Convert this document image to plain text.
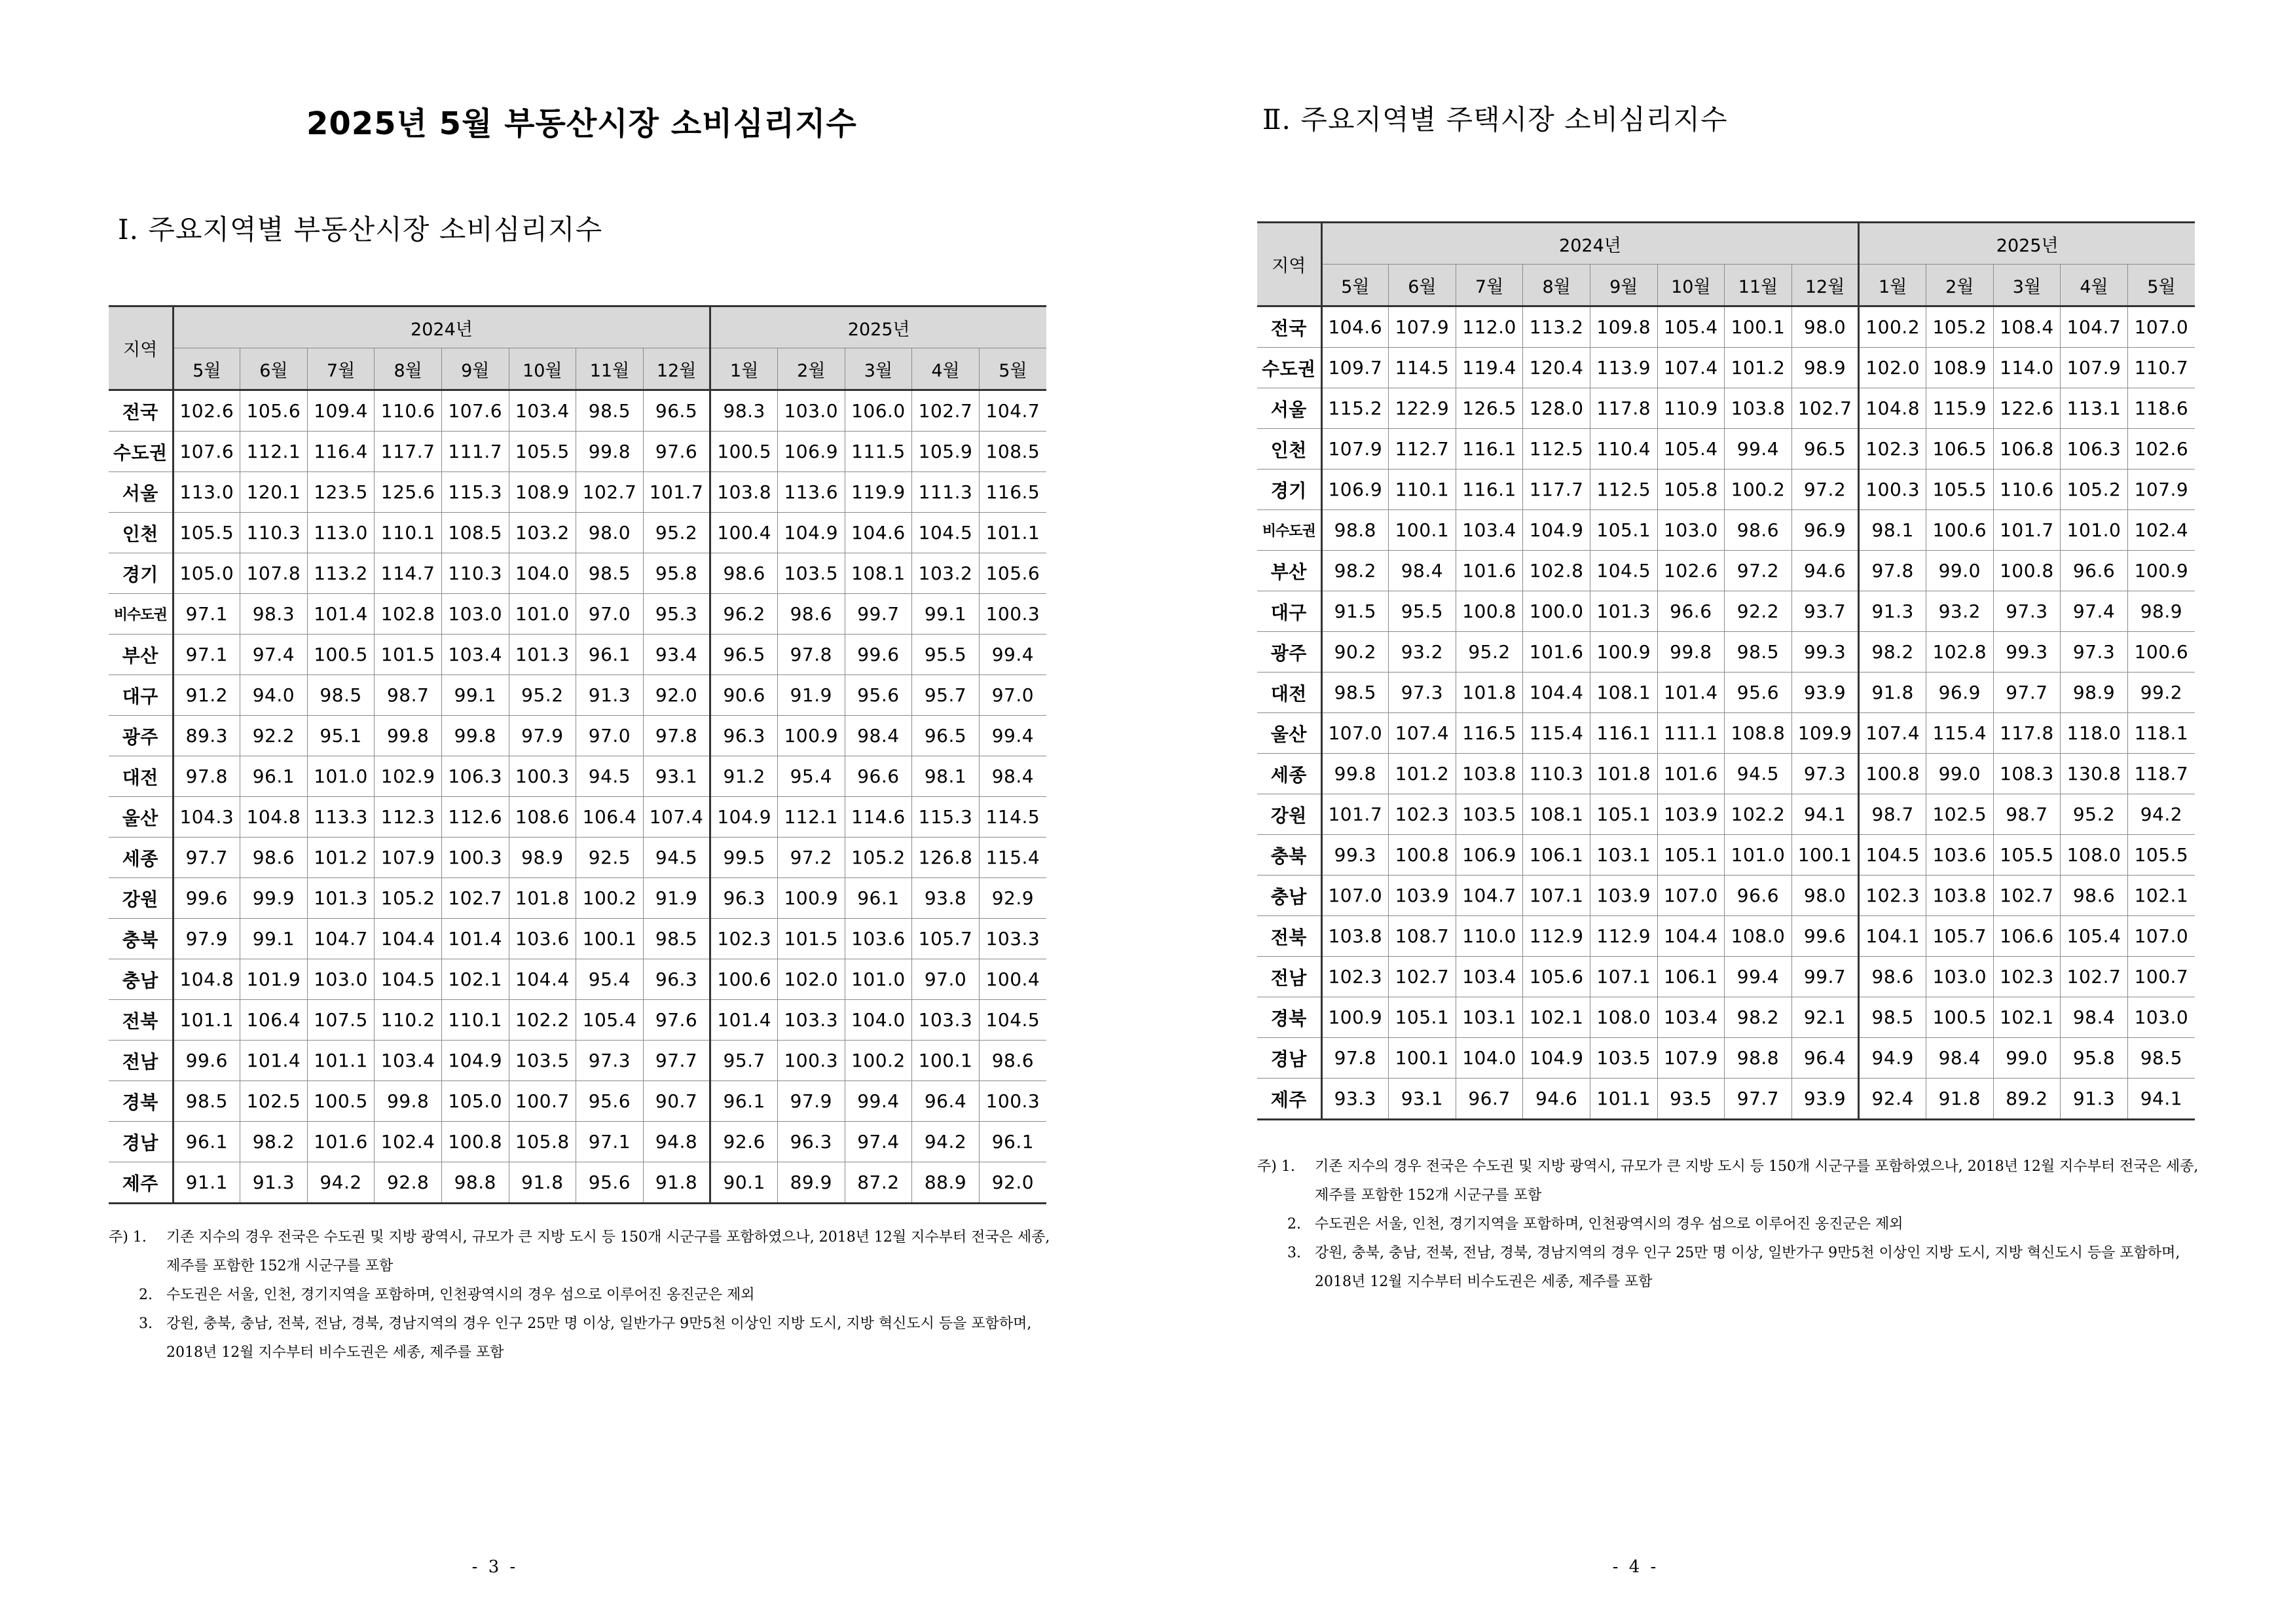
2025년 5월 부동산시장 소비심리지수
Ⅰ. 주요지역별 부동산시장 소비심리지수
지역	2024년								2025년				
	5월	6월	7월	8월	9월	10월	11월	12월	1월	2월	3월	4월	5월
전국	102.6	105.6	109.4	110.6	107.6	103.4	98.5	96.5	98.3	103.0	106.0	102.7	104.7
수도권	107.6	112.1	116.4	117.7	111.7	105.5	99.8	97.6	100.5	106.9	111.5	105.9	108.5
서울	113.0	120.1	123.5	125.6	115.3	108.9	102.7	101.7	103.8	113.6	119.9	111.3	116.5
인천	105.5	110.3	113.0	110.1	108.5	103.2	98.0	95.2	100.4	104.9	104.6	104.5	101.1
경기	105.0	107.8	113.2	114.7	110.3	104.0	98.5	95.8	98.6	103.5	108.1	103.2	105.6
비수도권	97.1	98.3	101.4	102.8	103.0	101.0	97.0	95.3	96.2	98.6	99.7	99.1	100.3
부산	97.1	97.4	100.5	101.5	103.4	101.3	96.1	93.4	96.5	97.8	99.6	95.5	99.4
대구	91.2	94.0	98.5	98.7	99.1	95.2	91.3	92.0	90.6	91.9	95.6	95.7	97.0
광주	89.3	92.2	95.1	99.8	99.8	97.9	97.0	97.8	96.3	100.9	98.4	96.5	99.4
대전	97.8	96.1	101.0	102.9	106.3	100.3	94.5	93.1	91.2	95.4	96.6	98.1	98.4
울산	104.3	104.8	113.3	112.3	112.6	108.6	106.4	107.4	104.9	112.1	114.6	115.3	114.5
세종	97.7	98.6	101.2	107.9	100.3	98.9	92.5	94.5	99.5	97.2	105.2	126.8	115.4
강원	99.6	99.9	101.3	105.2	102.7	101.8	100.2	91.9	96.3	100.9	96.1	93.8	92.9
충북	97.9	99.1	104.7	104.4	101.4	103.6	100.1	98.5	102.3	101.5	103.6	105.7	103.3
충남	104.8	101.9	103.0	104.5	102.1	104.4	95.4	96.3	100.6	102.0	101.0	97.0	100.4
전북	101.1	106.4	107.5	110.2	110.1	102.2	105.4	97.6	101.4	103.3	104.0	103.3	104.5
전남	99.6	101.4	101.1	103.4	104.9	103.5	97.3	97.7	95.7	100.3	100.2	100.1	98.6
경북	98.5	102.5	100.5	99.8	105.0	100.7	95.6	90.7	96.1	97.9	99.4	96.4	100.3
경남	96.1	98.2	101.6	102.4	100.8	105.8	97.1	94.8	92.6	96.3	97.4	94.2	96.1
제주	91.1	91.3	94.2	92.8	98.8	91.8	95.6	91.8	90.1	89.9	87.2	88.9	92.0
주) 1. 기존 지수의 경우 전국은 수도권 및 지방 광역시, 규모가 큰 지방 도시 등 150개 시군구를 포함하였으나, 2018년 12월 지수부터 전국은 세종, 제주를 포함한 152개 시군구를 포함
2. 수도권은 서울, 인천, 경기지역을 포함하며, 인천광역시의 경우 섬으로 이루어진 옹진군은 제외
3. 강원, 충북, 충남, 전북, 전남, 경북, 경남지역의 경우 인구 25만 명 이상, 일반가구 9만5천 이상인 지방 도시, 지방 혁신도시 등을 포함하며, 2018년 12월 지수부터 비수도권은 세종, 제주를 포함
- 3 -
Ⅱ. 주요지역별 주택시장 소비심리지수
지역	2024년								2025년				
	5월	6월	7월	8월	9월	10월	11월	12월	1월	2월	3월	4월	5월
전국	104.6	107.9	112.0	113.2	109.8	105.4	100.1	98.0	100.2	105.2	108.4	104.7	107.0
수도권	109.7	114.5	119.4	120.4	113.9	107.4	101.2	98.9	102.0	108.9	114.0	107.9	110.7
서울	115.2	122.9	126.5	128.0	117.8	110.9	103.8	102.7	104.8	115.9	122.6	113.1	118.6
인천	107.9	112.7	116.1	112.5	110.4	105.4	99.4	96.5	102.3	106.5	106.8	106.3	102.6
경기	106.9	110.1	116.1	117.7	112.5	105.8	100.2	97.2	100.3	105.5	110.6	105.2	107.9
비수도권	98.8	100.1	103.4	104.9	105.1	103.0	98.6	96.9	98.1	100.6	101.7	101.0	102.4
부산	98.2	98.4	101.6	102.8	104.5	102.6	97.2	94.6	97.8	99.0	100.8	96.6	100.9
대구	91.5	95.5	100.8	100.0	101.3	96.6	92.2	93.7	91.3	93.2	97.3	97.4	98.9
광주	90.2	93.2	95.2	101.6	100.9	99.8	98.5	99.3	98.2	102.8	99.3	97.3	100.6
대전	98.5	97.3	101.8	104.4	108.1	101.4	95.6	93.9	91.8	96.9	97.7	98.9	99.2
울산	107.0	107.4	116.5	115.4	116.1	111.1	108.8	109.9	107.4	115.4	117.8	118.0	118.1
세종	99.8	101.2	103.8	110.3	101.8	101.6	94.5	97.3	100.8	99.0	108.3	130.8	118.7
강원	101.7	102.3	103.5	108.1	105.1	103.9	102.2	94.1	98.7	102.5	98.7	95.2	94.2
충북	99.3	100.8	106.9	106.1	103.1	105.1	101.0	100.1	104.5	103.6	105.5	108.0	105.5
충남	107.0	103.9	104.7	107.1	103.9	107.0	96.6	98.0	102.3	103.8	102.7	98.6	102.1
전북	103.8	108.7	110.0	112.9	112.9	104.4	108.0	99.6	104.1	105.7	106.6	105.4	107.0
전남	102.3	102.7	103.4	105.6	107.1	106.1	99.4	99.7	98.6	103.0	102.3	102.7	100.7
경북	100.9	105.1	103.1	102.1	108.0	103.4	98.2	92.1	98.5	100.5	102.1	98.4	103.0
경남	97.8	100.1	104.0	104.9	103.5	107.9	98.8	96.4	94.9	98.4	99.0	95.8	98.5
제주	93.3	93.1	96.7	94.6	101.1	93.5	97.7	93.9	92.4	91.8	89.2	91.3	94.1
주) 1. 기존 지수의 경우 전국은 수도권 및 지방 광역시, 규모가 큰 지방 도시 등 150개 시군구를 포함하였으나, 2018년 12월 지수부터 전국은 세종, 제주를 포함한 152개 시군구를 포함
2. 수도권은 서울, 인천, 경기지역을 포함하며, 인천광역시의 경우 섬으로 이루어진 옹진군은 제외
3. 강원, 충북, 충남, 전북, 전남, 경북, 경남지역의 경우 인구 25만 명 이상, 일반가구 9만5천 이상인 지방 도시, 지방 혁신도시 등을 포함하며, 2018년 12월 지수부터 비수도권은 세종, 제주를 포함
- 4 -
